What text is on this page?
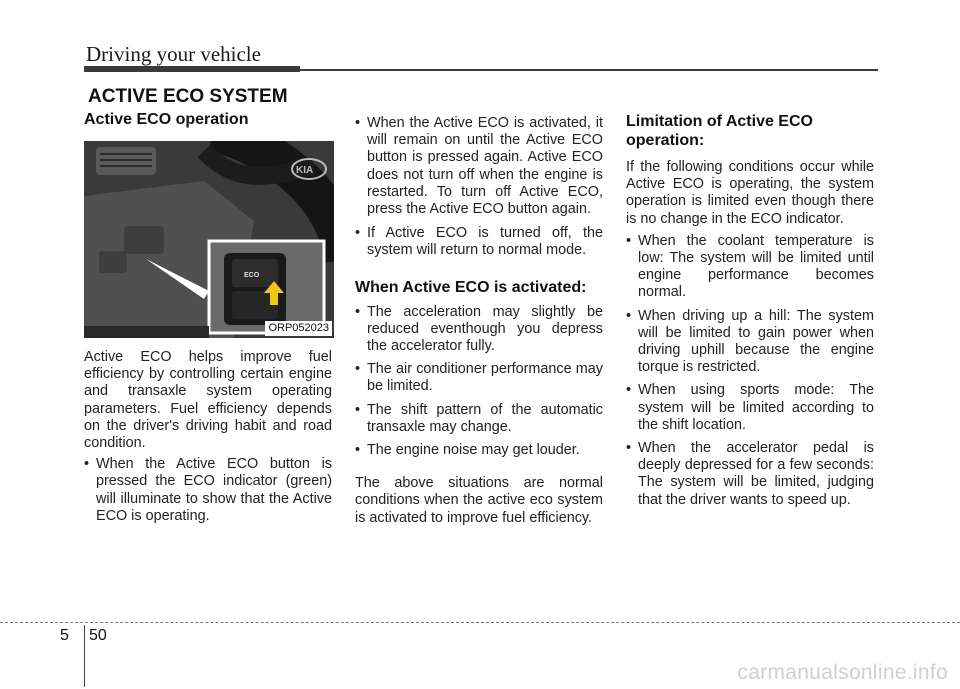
Driving your vehicle
ACTIVE ECO SYSTEM
Active ECO operation
KIA
ECO
ORP052023

Active ECO helps improve fuel efficiency by controlling certain engine and transaxle system operating parameters. Fuel efficiency depends on the driver's driving habit and road condition.

• When the Active ECO button is pressed the ECO indicator (green) will illuminate to show that the Active ECO is operating.
• When the Active ECO is activated, it will remain on until the Active ECO button is pressed again. Active ECO does not turn off when the engine is restarted. To turn off Active ECO, press the Active ECO button again.
• If Active ECO is turned off, the system will return to normal mode.
When Active ECO is activated:
• The acceleration may slightly be reduced eventhough you depress the accelerator fully.
• The air conditioner performance may be limited.
• The shift pattern of the automatic transaxle may change.
• The engine noise may get louder.

The above situations are normal conditions when the active eco system is activated to improve fuel efficiency.

Limitation of Active ECO operation:

If the following conditions occur while Active ECO is operating, the system operation is limited even though there is no change in the ECO indicator.

• When the coolant temperature is low: The system will be limited until engine performance becomes normal.
• When driving up a hill: The system will be limited to gain power when driving uphill because the engine torque is restricted.
• When using sports mode: The system will be limited according to the shift location.
• When the accelerator pedal is deeply depressed for a few seconds: The system will be limited, judging that the driver wants to speed up.
5 50
carmanualsonline.info
